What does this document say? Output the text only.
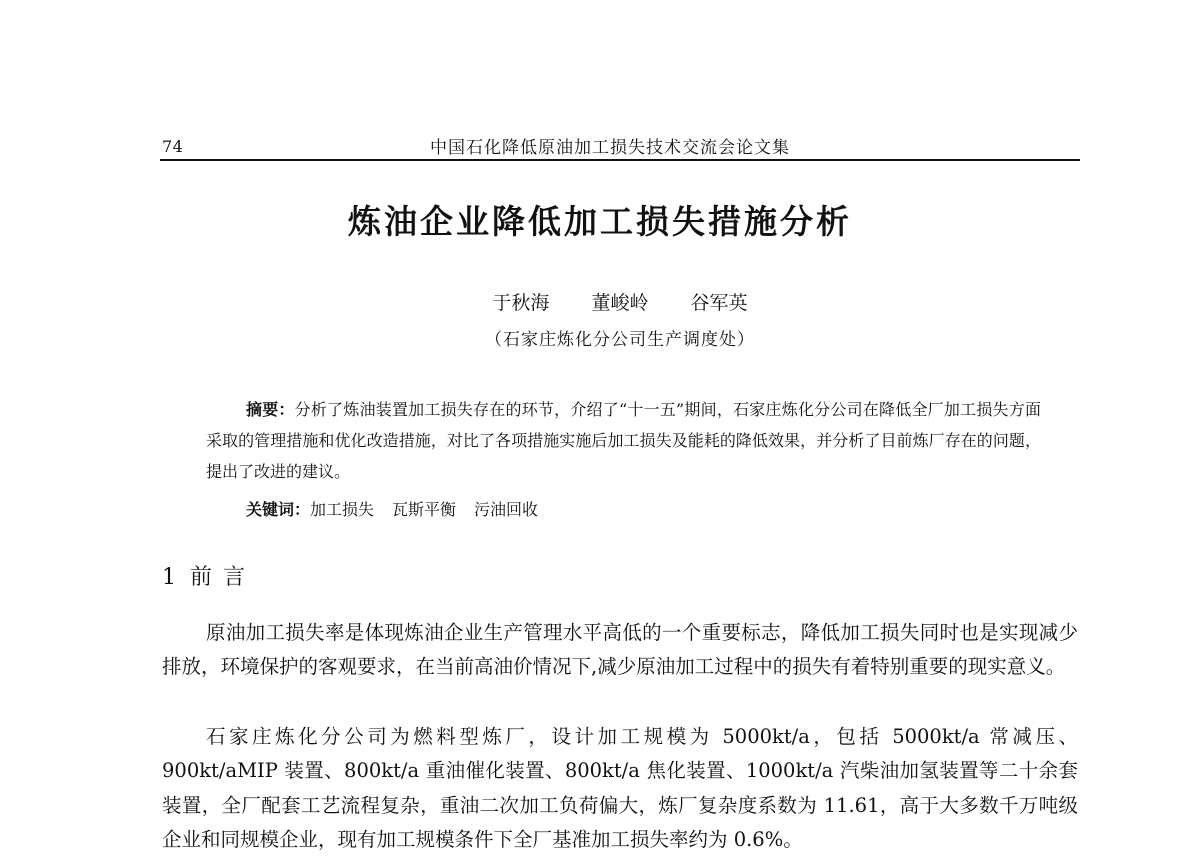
74	中国石化降低原油加工损失技术交流会论文集
炼油企业降低加工损失措施分析
于秋海 董峻岭 谷军英
（石家庄炼化分公司生产调度处）
摘要：分析了炼油装置加工损失存在的环节，介绍了“十一五”期间，石家庄炼化分公司在降低全厂加工损失方面采取的管理措施和优化改造措施，对比了各项措施实施后加工损失及能耗的降低效果，并分析了目前炼厂存在的问题，提出了改进的建议。
关键词：加工损失 瓦斯平衡 污油回收
1 前 言

原油加工损失率是体现炼油企业生产管理水平高低的一个重要标志，降低加工损失同时也是实现减少排放，环境保护的客观要求，在当前高油价情况下,减少原油加工过程中的损失有着特别重要的现实意义。

石家庄炼化分公司为燃料型炼厂，设计加工规模为 5000kt/a，包括 5000kt/a 常减压、900kt/aMIP 装置、800kt/a 重油催化装置、800kt/a 焦化装置、1000kt/a 汽柴油加氢装置等二十余套装置，全厂配套工艺流程复杂，重油二次加工负荷偏大，炼厂复杂度系数为 11.61，高于大多数千万吨级企业和同规模企业，现有加工规模条件下全厂基准加工损失率约为 0.6%。
